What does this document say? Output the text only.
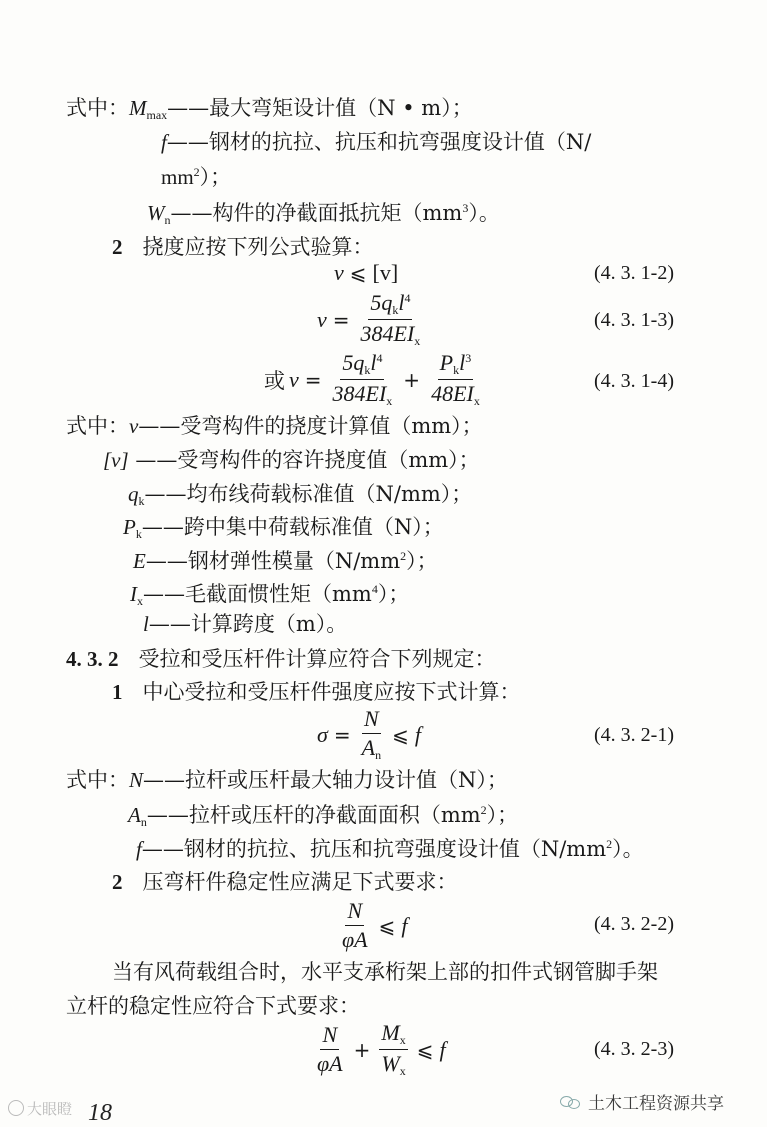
式中：$M_{max}——$最大弯矩设计值（N • m）；
f——钢材的抗拉、抗压和抗弯强度设计值（N/
$mm^2$）；
$W_n——$构件的净截面抵抗矩$(mm^3)$。
2 挠度应按下列公式验算：
v ⩽ [v]	(4. 3. 1-2)
$v = \frac{5q_kl^4}{384EI_x}$	(4. 3. 1-3)
或 $v = \frac{5q_kl^4}{384EI_x} + \frac{P_kl^3}{48EI_x}$	(4. 3. 1-4)
式中：v——受弯构件的挠度计算值（mm）；
[v] ——受弯构件的容许挠度值（mm）；
$q_k——$均布线荷载标准值（N/mm）；
$P_k——$跨中集中荷载标准值（N）；
E——钢材弹性模量$(N/mm^2)$；
$I_x——$毛截面惯性矩$(mm^4)$；
l——计算跨度（m）。
4. 3. 2 受拉和受压杆件计算应符合下列规定：
1 中心受拉和受压杆件强度应按下式计算：
$\sigma = \frac{N}{A_n}$ ⩽ f	(4. 3. 2-1)
式中：N——拉杆或压杆最大轴力设计值（N）；
$A_n——$拉杆或压杆的净截面面积$(mm^2)$；
f——钢材的抗拉、抗压和抗弯强度设计值$(N/mm^2)$。
2 压弯杆件稳定性应满足下式要求：
$\frac{N}{\varphi A}$ ⩽ f	(4. 3. 2-2)
当有风荷载组合时，水平支承桁架上部的扣件式钢管脚手架
立杆的稳定性应符合下式要求：
$\frac{N}{\varphi A} + \frac{M_x}{W_x}$ ⩽ f	(4. 3. 2-3)
大眼瞪 18	土木工程资源共享
